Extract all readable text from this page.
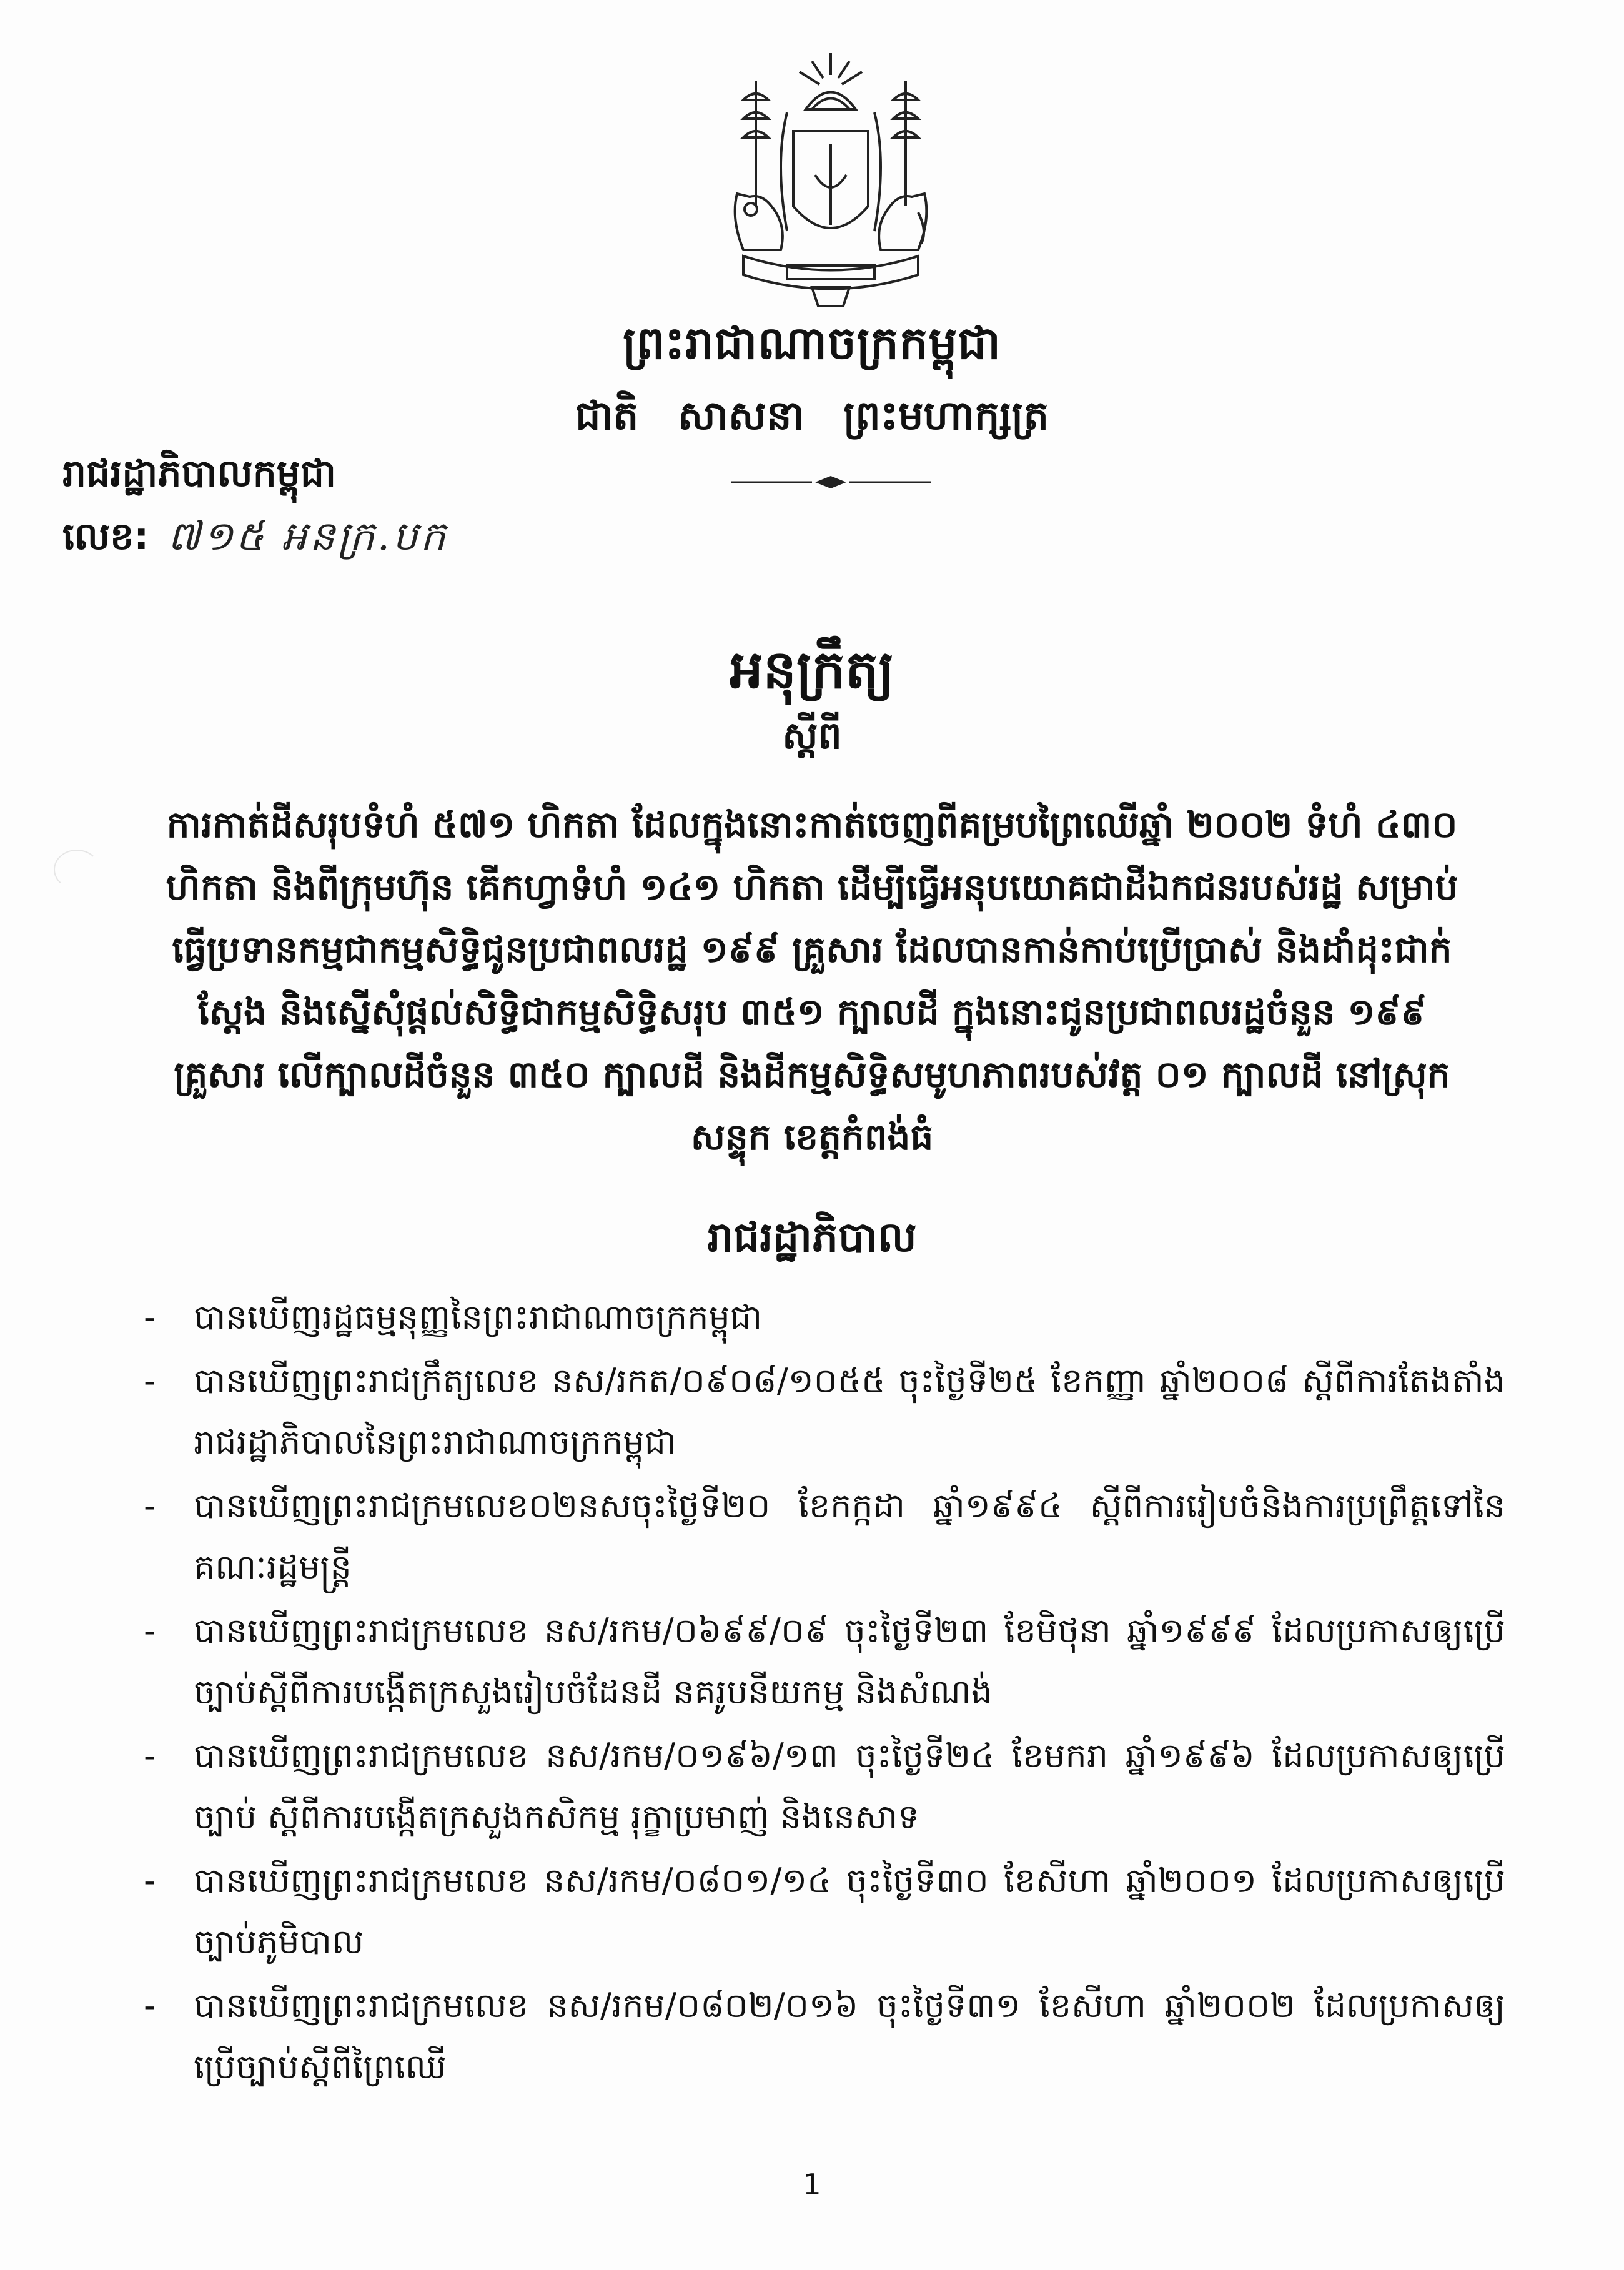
ព្រះរាជាណាចក្រកម្ពុជា
ជាតិ សាសនា ព្រះមហាក្សត្រ
រាជរដ្ឋាភិបាលកម្ពុជា
លេខ: ៧១៥ អនក្រ.បក
អនុក្រឹត្យ
ស្តីពី
ការកាត់ដីសរុបទំហំ ៥៧១ ហិកតា ដែលក្នុងនោះកាត់ចេញពីគម្របព្រៃឈើឆ្នាំ ២០០២ ទំហំ ៤៣០ ហិកតា និងពីក្រុមហ៊ុន គើកហ្វាទំហំ ១៤១ ហិកតា ដើម្បីធ្វើអនុបយោគជាដីឯកជនរបស់រដ្ឋ សម្រាប់ធ្វើប្រទានកម្មជាកម្មសិទ្ធិជូនប្រជាពលរដ្ឋ ១៩៩ គ្រួសារ ដែលបានកាន់កាប់ប្រើប្រាស់ និងដាំដុះជាក់ស្តែង និងស្នើសុំផ្តល់សិទ្ធិជាកម្មសិទ្ធិសរុប ៣៥១ ក្បាលដី ក្នុងនោះជូនប្រជាពលរដ្ឋចំនួន ១៩៩ គ្រួសារ លើក្បាលដីចំនួន ៣៥០ ក្បាលដី និងដីកម្មសិទ្ធិសមូហភាពរបស់វត្ត ០១ ក្បាលដី នៅស្រុកសន្ទុក ខេត្តកំពង់ធំ
រាជរដ្ឋាភិបាល
- បានឃើញរដ្ឋធម្មនុញ្ញនៃព្រះរាជាណាចក្រកម្ពុជា
- បានឃើញព្រះរាជក្រឹត្យលេខ នស/រកត/០៩០៨/១០៥៥ ចុះថ្ងៃទី២៥ ខែកញ្ញា ឆ្នាំ២០០៨ ស្តីពីការតែងតាំងរាជរដ្ឋាភិបាលនៃព្រះរាជាណាចក្រកម្ពុជា
- បានឃើញព្រះរាជក្រមលេខ០២នសចុះថ្ងៃទី២០ ខែកក្កដា ឆ្នាំ១៩៩៤ ស្តីពីការរៀបចំនិងការប្រព្រឹត្តទៅនៃគណៈរដ្ឋមន្ត្រី
- បានឃើញព្រះរាជក្រមលេខ នស/រកម/០៦៩៩/០៩ ចុះថ្ងៃទី២៣ ខែមិថុនា ឆ្នាំ១៩៩៩ ដែលប្រកាសឲ្យប្រើច្បាប់ស្តីពីការបង្កើតក្រសួងរៀបចំដែនដី នគរូបនីយកម្ម និងសំណង់
- បានឃើញព្រះរាជក្រមលេខ នស/រកម/០១៩៦/១៣ ចុះថ្ងៃទី២៤ ខែមករា ឆ្នាំ១៩៩៦ ដែលប្រកាសឲ្យប្រើច្បាប់ ស្តីពីការបង្កើតក្រសួងកសិកម្ម រុក្ខាប្រមាញ់ និងនេសាទ
- បានឃើញព្រះរាជក្រមលេខ នស/រកម/០៨០១/១៤ ចុះថ្ងៃទី៣០ ខែសីហា ឆ្នាំ២០០១ ដែលប្រកាសឲ្យប្រើច្បាប់ភូមិបាល
- បានឃើញព្រះរាជក្រមលេខ នស/រកម/០៨០២/០១៦ ចុះថ្ងៃទី៣១ ខែសីហា ឆ្នាំ២០០២ ដែលប្រកាសឲ្យប្រើច្បាប់ស្តីពីព្រៃឈើ
1
